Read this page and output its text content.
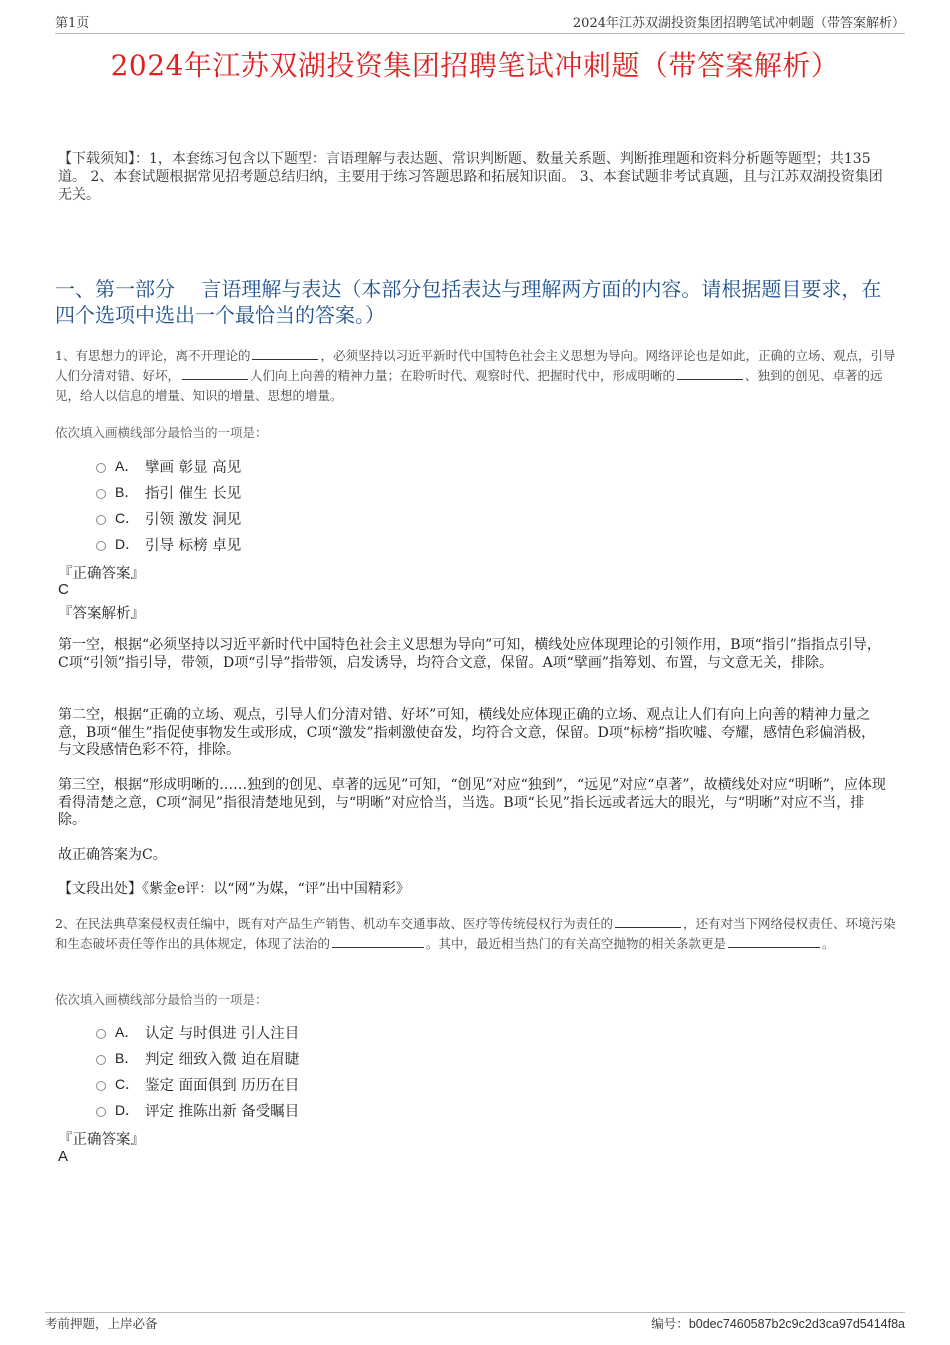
第1页	2024年江苏双湖投资集团招聘笔试冲刺题（带答案解析）
2024年江苏双湖投资集团招聘笔试冲刺题（带答案解析）
【下载须知】：1，本套练习包含以下题型：言语理解与表达题、常识判断题、数量关系题、判断推理题和资料分析题等题型；共135道。 2、本套试题根据常见招考题总结归纳，主要用于练习答题思路和拓展知识面。 3、本套试题非考试真题，且与江苏双湖投资集团无关。
一、第一部分　 言语理解与表达（本部分包括表达与理解两方面的内容。请根据题目要求，在四个选项中选出一个最恰当的答案。）
1、有思想力的评论，离不开理论的	，必须坚持以习近平新时代中国特色社会主义思想为导向。网络评论也是如此，正确的立场、观点，引导人们分清对错、好坏，	人们向上向善的精神力量；在聆听时代、观察时代、把握时代中，形成明晰的	、独到的创见、卓著的远见，给人以信息的增量、知识的增量、思想的增量。
依次填入画横线部分最恰当的一项是：
A． 擘画 彰显 高见
B． 指引 催生 长见
C． 引领 激发 洞见
D． 引导 标榜 卓见
『正确答案』
C
『答案解析』
第一空，根据“必须坚持以习近平新时代中国特色社会主义思想为导向”可知，横线处应体现理论的引领作用，B项“指引”指指点引导，C项“引领”指引导，带领，D项“引导”指带领，启发诱导，均符合文意，保留。A项“擘画”指筹划、布置，与文意无关，排除。
第二空，根据“正确的立场、观点，引导人们分清对错、好坏”可知，横线处应体现正确的立场、观点让人们有向上向善的精神力量之意，B项“催生”指促使事物发生或形成，C项“激发”指刺激使奋发，均符合文意，保留。D项“标榜”指吹嘘、夸耀，感情色彩偏消极，与文段感情色彩不符，排除。
第三空，根据“形成明晰的……独到的创见、卓著的远见”可知，“创见”对应“独到”，“远见”对应“卓著”，故横线处对应“明晰”，应体现看得清楚之意，C项“洞见”指很清楚地见到，与“明晰”对应恰当，当选。B项“长见”指长远或者远大的眼光，与“明晰”对应不当，排除。
故正确答案为C。
【文段出处】《紫金e评：以“网”为媒，“评”出中国精彩》
2、在民法典草案侵权责任编中，既有对产品生产销售、机动车交通事故、医疗等传统侵权行为责任的	，还有对当下网络侵权责任、环境污染和生态破坏责任等作出的具体规定，体现了法治的	。其中，最近相当热门的有关高空抛物的相关条款更是	。
依次填入画横线部分最恰当的一项是：
A． 认定 与时俱进 引人注目
B． 判定 细致入微 迫在眉睫
C． 鉴定 面面俱到 历历在目
D． 评定 推陈出新 备受瞩目
『正确答案』
A
考前押题，上岸必备	编号：b0dec7460587b2c9c2d3ca97d5414f8a
